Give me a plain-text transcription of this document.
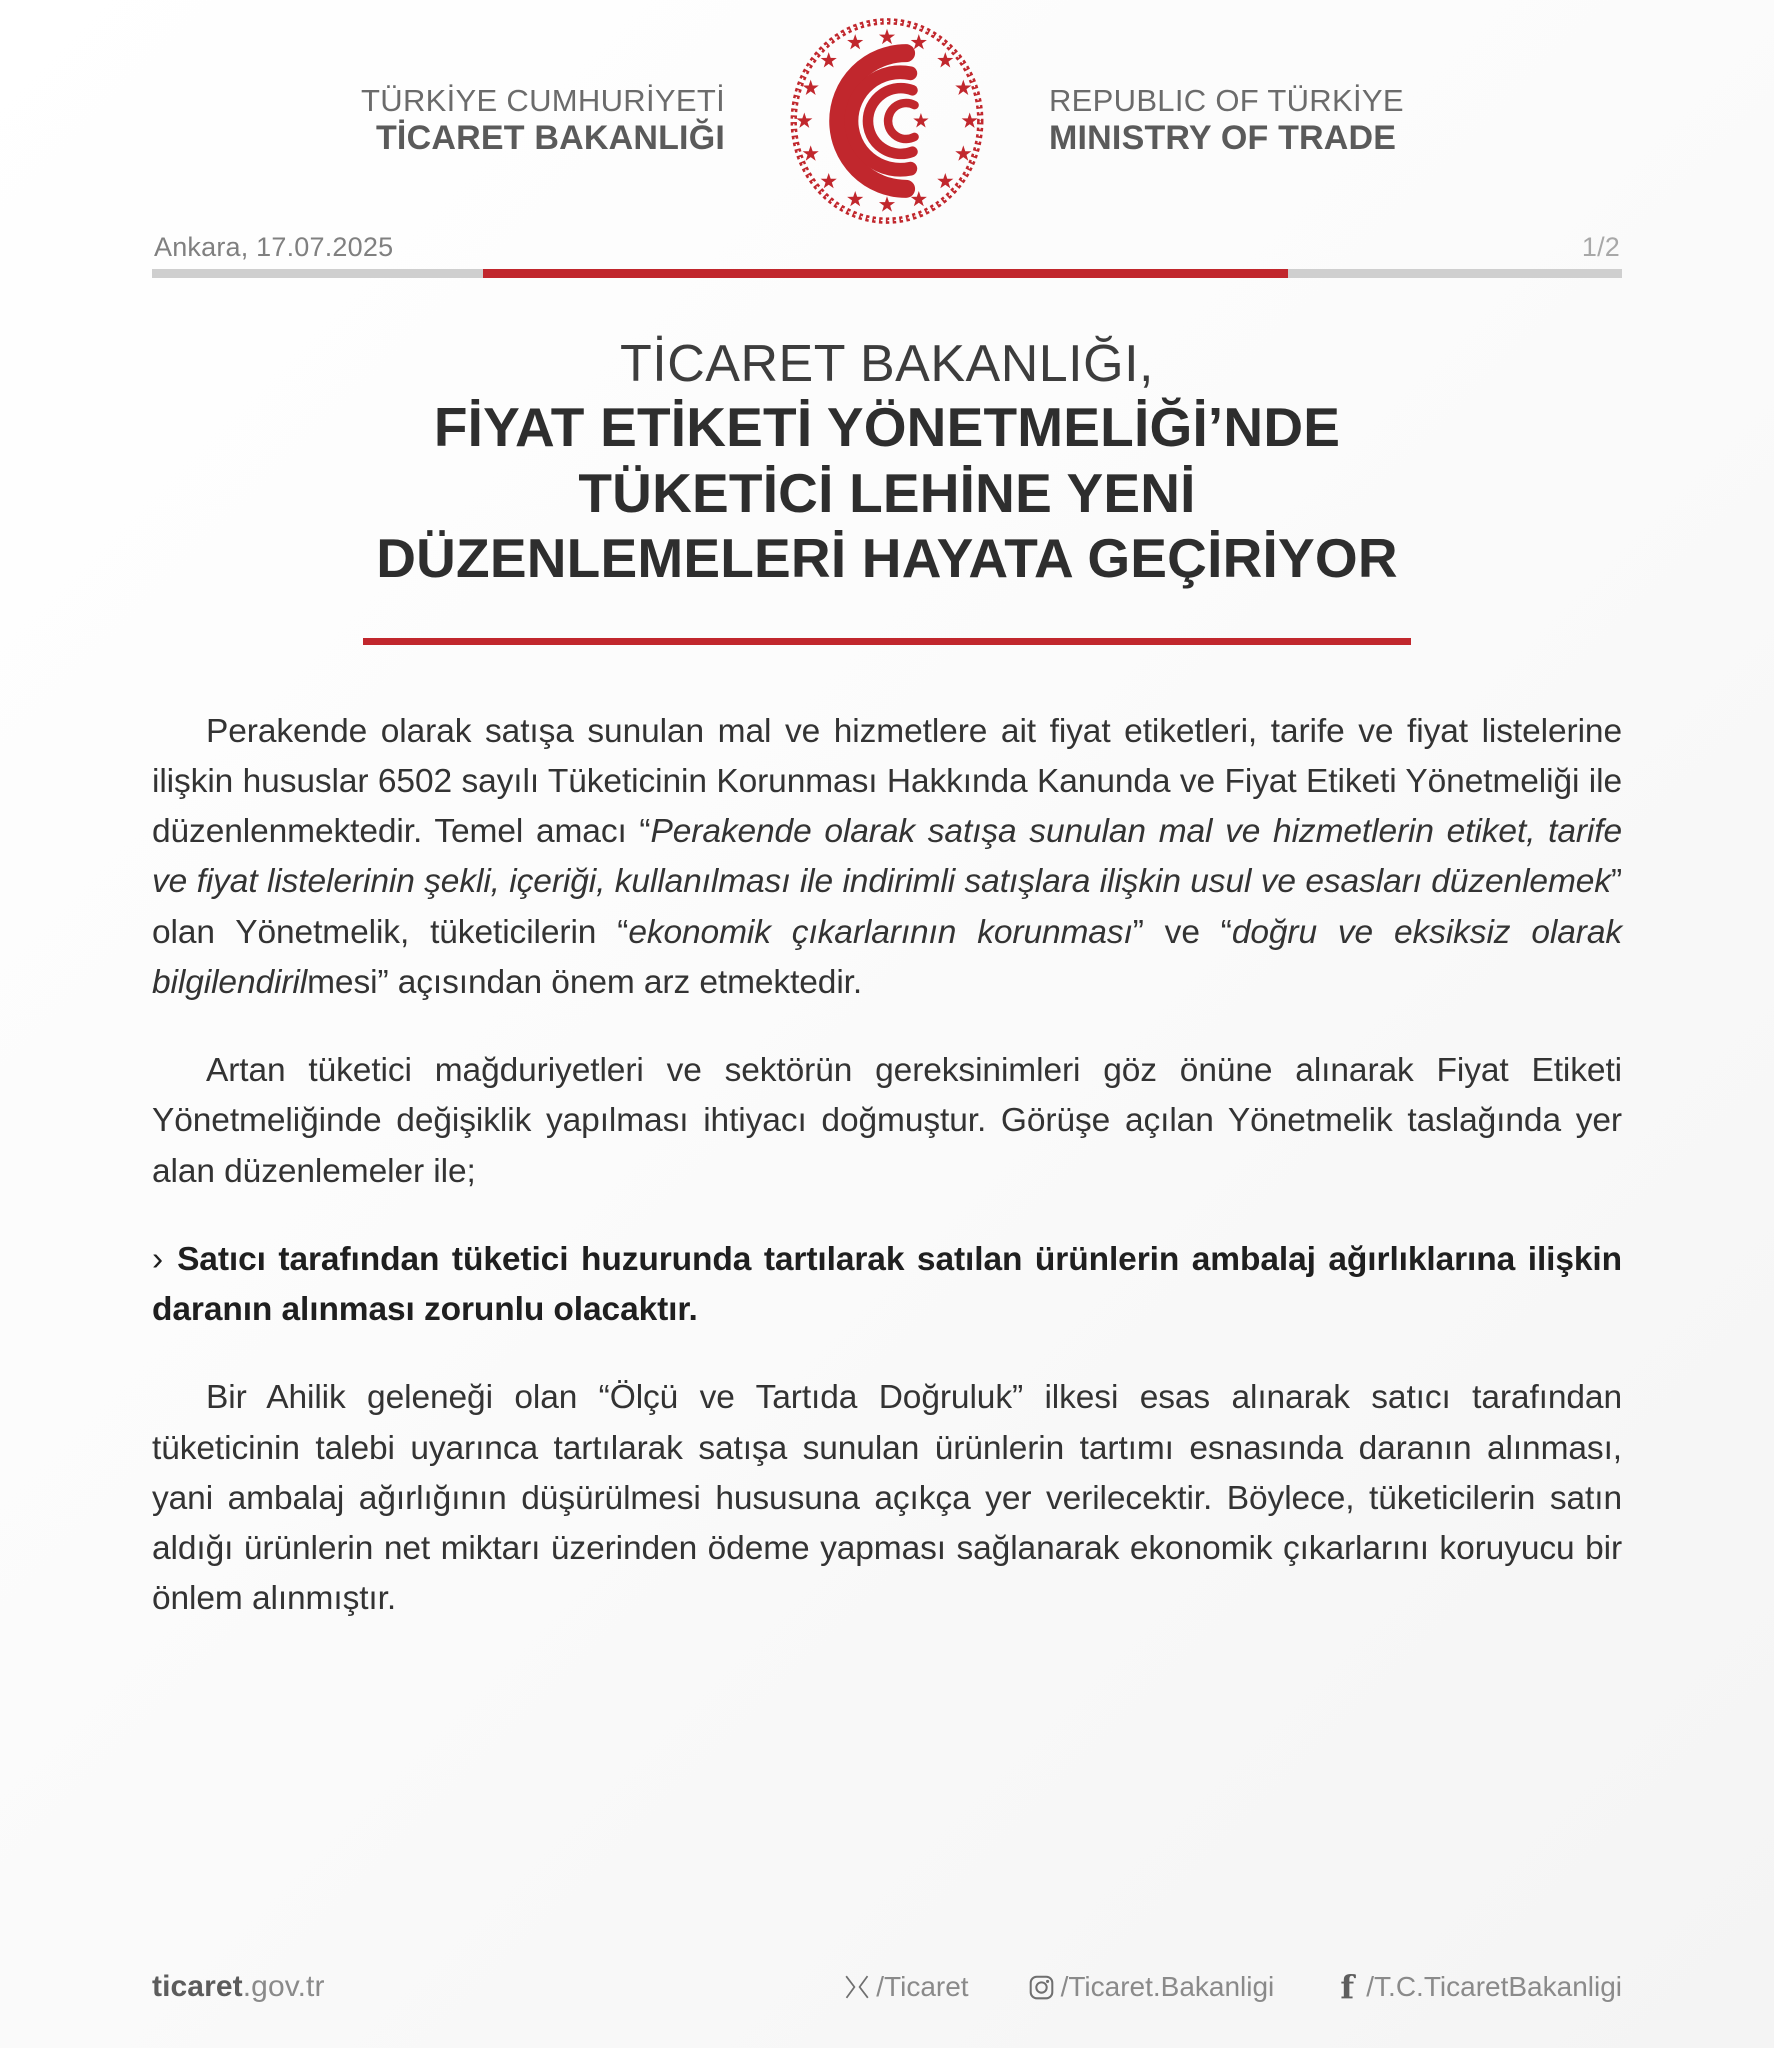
TÜRKİYE CUMHURİYETİ
TİCARET BAKANLIĞI
REPUBLIC OF TÜRKİYE
MINISTRY OF TRADE
Ankara, 17.07.2025	1/2
TİCARET BAKANLIĞI,
FİYAT ETİKETİ YÖNETMELİĞİ’NDE
TÜKETİCİ LEHİNE YENİ
DÜZENLEMELERİ HAYATA GEÇİRİYOR

Perakende olarak satışa sunulan mal ve hizmetlere ait fiyat etiketleri, tarife ve fiyat listelerine ilişkin hususlar 6502 sayılı Tüketicinin Korunması Hakkında Kanunda ve Fiyat Etiketi Yönetmeliği ile düzenlenmektedir. Temel amacı “Perakende olarak satışa sunulan mal ve hizmetlerin etiket, tarife ve fiyat listelerinin şekli, içeriği, kullanılması ile indirimli satışlara ilişkin usul ve esasları düzenlemek” olan Yönetmelik, tüketicilerin “ekonomik çıkarlarının korunması” ve “doğru ve eksiksiz olarak bilgilendirilmesi” açısından önem arz etmektedir.

Artan tüketici mağduriyetleri ve sektörün gereksinimleri göz önüne alınarak Fiyat Etiketi Yönetmeliğinde değişiklik yapılması ihtiyacı doğmuştur. Görüşe açılan Yönetmelik taslağında yer alan düzenlemeler ile;

› Satıcı tarafından tüketici huzurunda tartılarak satılan ürünlerin ambalaj ağırlıklarına ilişkin daranın alınması zorunlu olacaktır.

Bir Ahilik geleneği olan “Ölçü ve Tartıda Doğruluk” ilkesi esas alınarak satıcı tarafından tüketicinin talebi uyarınca tartılarak satışa sunulan ürünlerin tartımı esnasında daranın alınması, yani ambalaj ağırlığının düşürülmesi hususuna açıkça yer verilecektir. Böylece, tüketicilerin satın aldığı ürünlerin net miktarı üzerinden ödeme yapması sağlanarak ekonomik çıkarlarını koruyucu bir önlem alınmıştır.

ticaret.gov.tr	/Ticaret	/Ticaret.Bakanligi f /T.C.TicaretBakanligi
